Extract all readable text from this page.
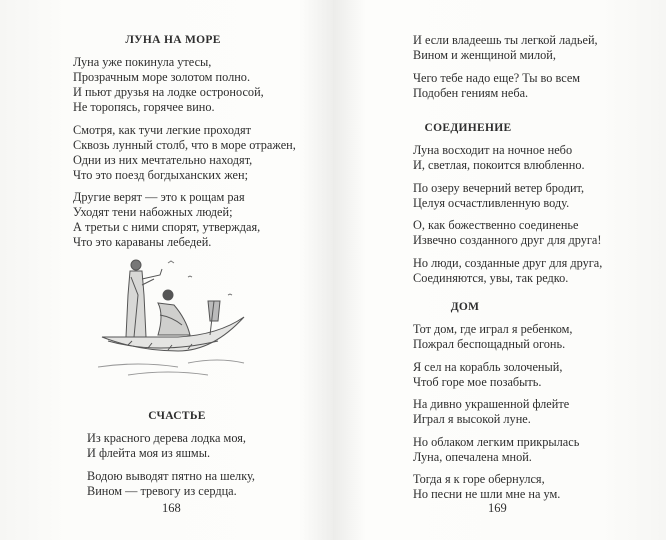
ЛУНА НА МОРЕ
Луна уже покинула утесы,
Прозрачным море золотом полно.
И пьют друзья на лодке остроносой,
Не торопясь, горячее вино.
Смотря, как тучи легкие проходят
Сквозь лунный столб, что в море отражен,
Одни из них мечтательно находят,
Что это поезд богдыханских жен;
Другие верят — это к рощам рая
Уходят тени набожных людей;
А третьи с ними спорят, утверждая,
Что это караваны лебедей.
СЧАСТЬЕ
Из красного дерева лодка моя,
И флейта моя из яшмы.
Водою выводят пятно на шелку,
Вином — тревогу из сердца.
168
И если владеешь ты легкой ладьей,
Вином и женщиной милой,
Чего тебе надо еще? Ты во всем
Подобен гениям неба.
СОЕДИНЕНИЕ
Луна восходит на ночное небо
И, светлая, покоится влюбленно.
По озеру вечерний ветер бродит,
Целуя осчастливленную воду.
О, как божественно соединенье
Извечно созданного друг для друга!
Но люди, созданные друг для друга,
Соединяются, увы, так редко.
ДОМ
Тот дом, где играл я ребенком,
Пожрал беспощадный огонь.
Я сел на корабль золоченый,
Чтоб горе мое позабыть.
На дивно украшенной флейте
Играл я высокой луне.
Но облаком легким прикрылась
Луна, опечалена мной.
Тогда я к горе обернулся,
Но песни не шли мне на ум.
169
